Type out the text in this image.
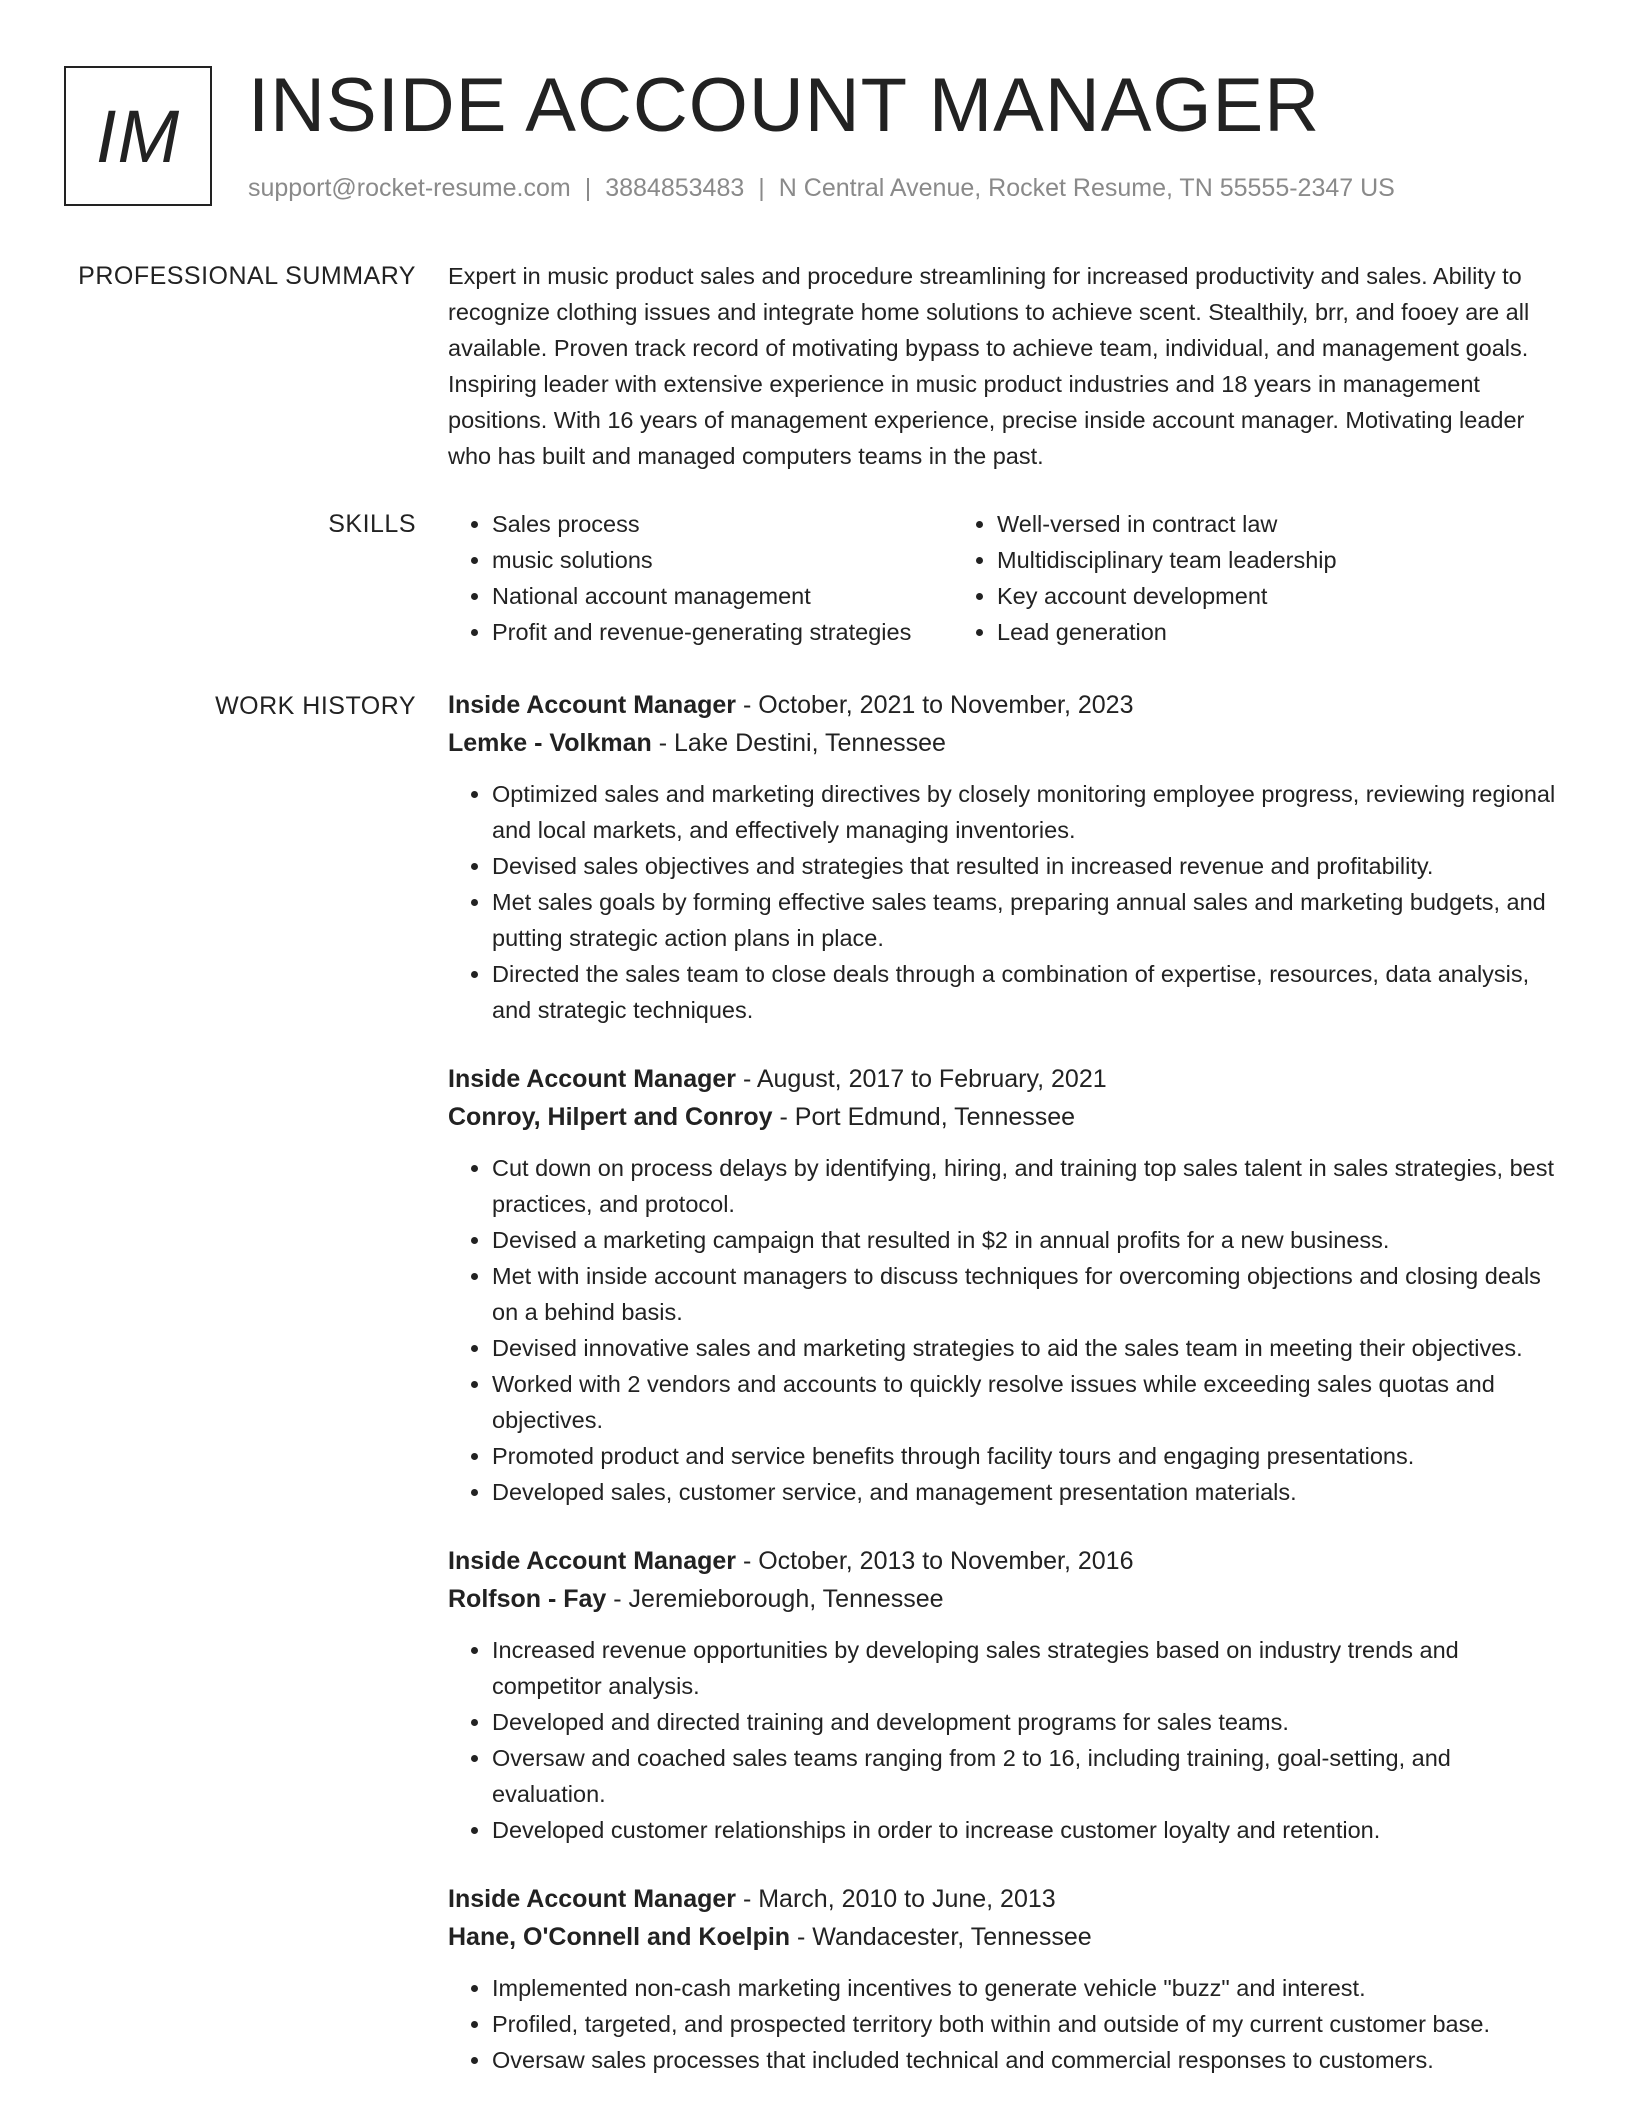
IM INSIDE ACCOUNT MANAGER
support@rocket-resume.com | 3884853483 | N Central Avenue, Rocket Resume, TN 55555-2347 US
PROFESSIONAL SUMMARY Expert in music product sales and procedure streamlining for increased productivity and sales. Ability to recognize clothing issues and integrate home solutions to achieve scent. Stealthily, brr, and fooey are all available. Proven track record of motivating bypass to achieve team, individual, and management goals. Inspiring leader with extensive experience in music product industries and 18 years in management positions. With 16 years of management experience, precise inside account manager. Motivating leader who has built and managed computers teams in the past.

SKILLS
•	Sales process
• music solutions
• National account management
• Profit and revenue-generating strategies
• Well-versed in contract law
• Multidisciplinary team leadership
• Key account development
• Lead generation
WORK HISTORY Inside Account Manager - October, 2021 to November, 2023

Lemke - Volkman - Lake Destini, Tennessee

• Optimized sales and marketing directives by closely monitoring employee progress, reviewing regional and local markets, and effectively managing inventories.
• Devised sales objectives and strategies that resulted in increased revenue and profitability.
• Met sales goals by forming effective sales teams, preparing annual sales and marketing budgets, and putting strategic action plans in place.
• Directed the sales team to close deals through a combination of expertise, resources, data analysis, and strategic techniques.

Inside Account Manager - August, 2017 to February, 2021

Conroy, Hilpert and Conroy - Port Edmund, Tennessee

• Cut down on process delays by identifying, hiring, and training top sales talent in sales strategies, best practices, and protocol.
• Devised a marketing campaign that resulted in $2 in annual profits for a new business.
• Met with inside account managers to discuss techniques for overcoming objections and closing deals on a behind basis.
• Devised innovative sales and marketing strategies to aid the sales team in meeting their objectives.
• Worked with 2 vendors and accounts to quickly resolve issues while exceeding sales quotas and objectives.
• Promoted product and service benefits through facility tours and engaging presentations.
• Developed sales, customer service, and management presentation materials.

Inside Account Manager - October, 2013 to November, 2016

Rolfson - Fay - Jeremieborough, Tennessee

• Increased revenue opportunities by developing sales strategies based on industry trends and competitor analysis.
• Developed and directed training and development programs for sales teams.
• Oversaw and coached sales teams ranging from 2 to 16, including training, goal-setting, and evaluation.
• Developed customer relationships in order to increase customer loyalty and retention.

Inside Account Manager - March, 2010 to June, 2013

Hane, O'Connell and Koelpin - Wandacester, Tennessee

• Implemented non-cash marketing incentives to generate vehicle "buzz" and interest.
• Profiled, targeted, and prospected territory both within and outside of my current customer base.
• Oversaw sales processes that included technical and commercial responses to customers.
